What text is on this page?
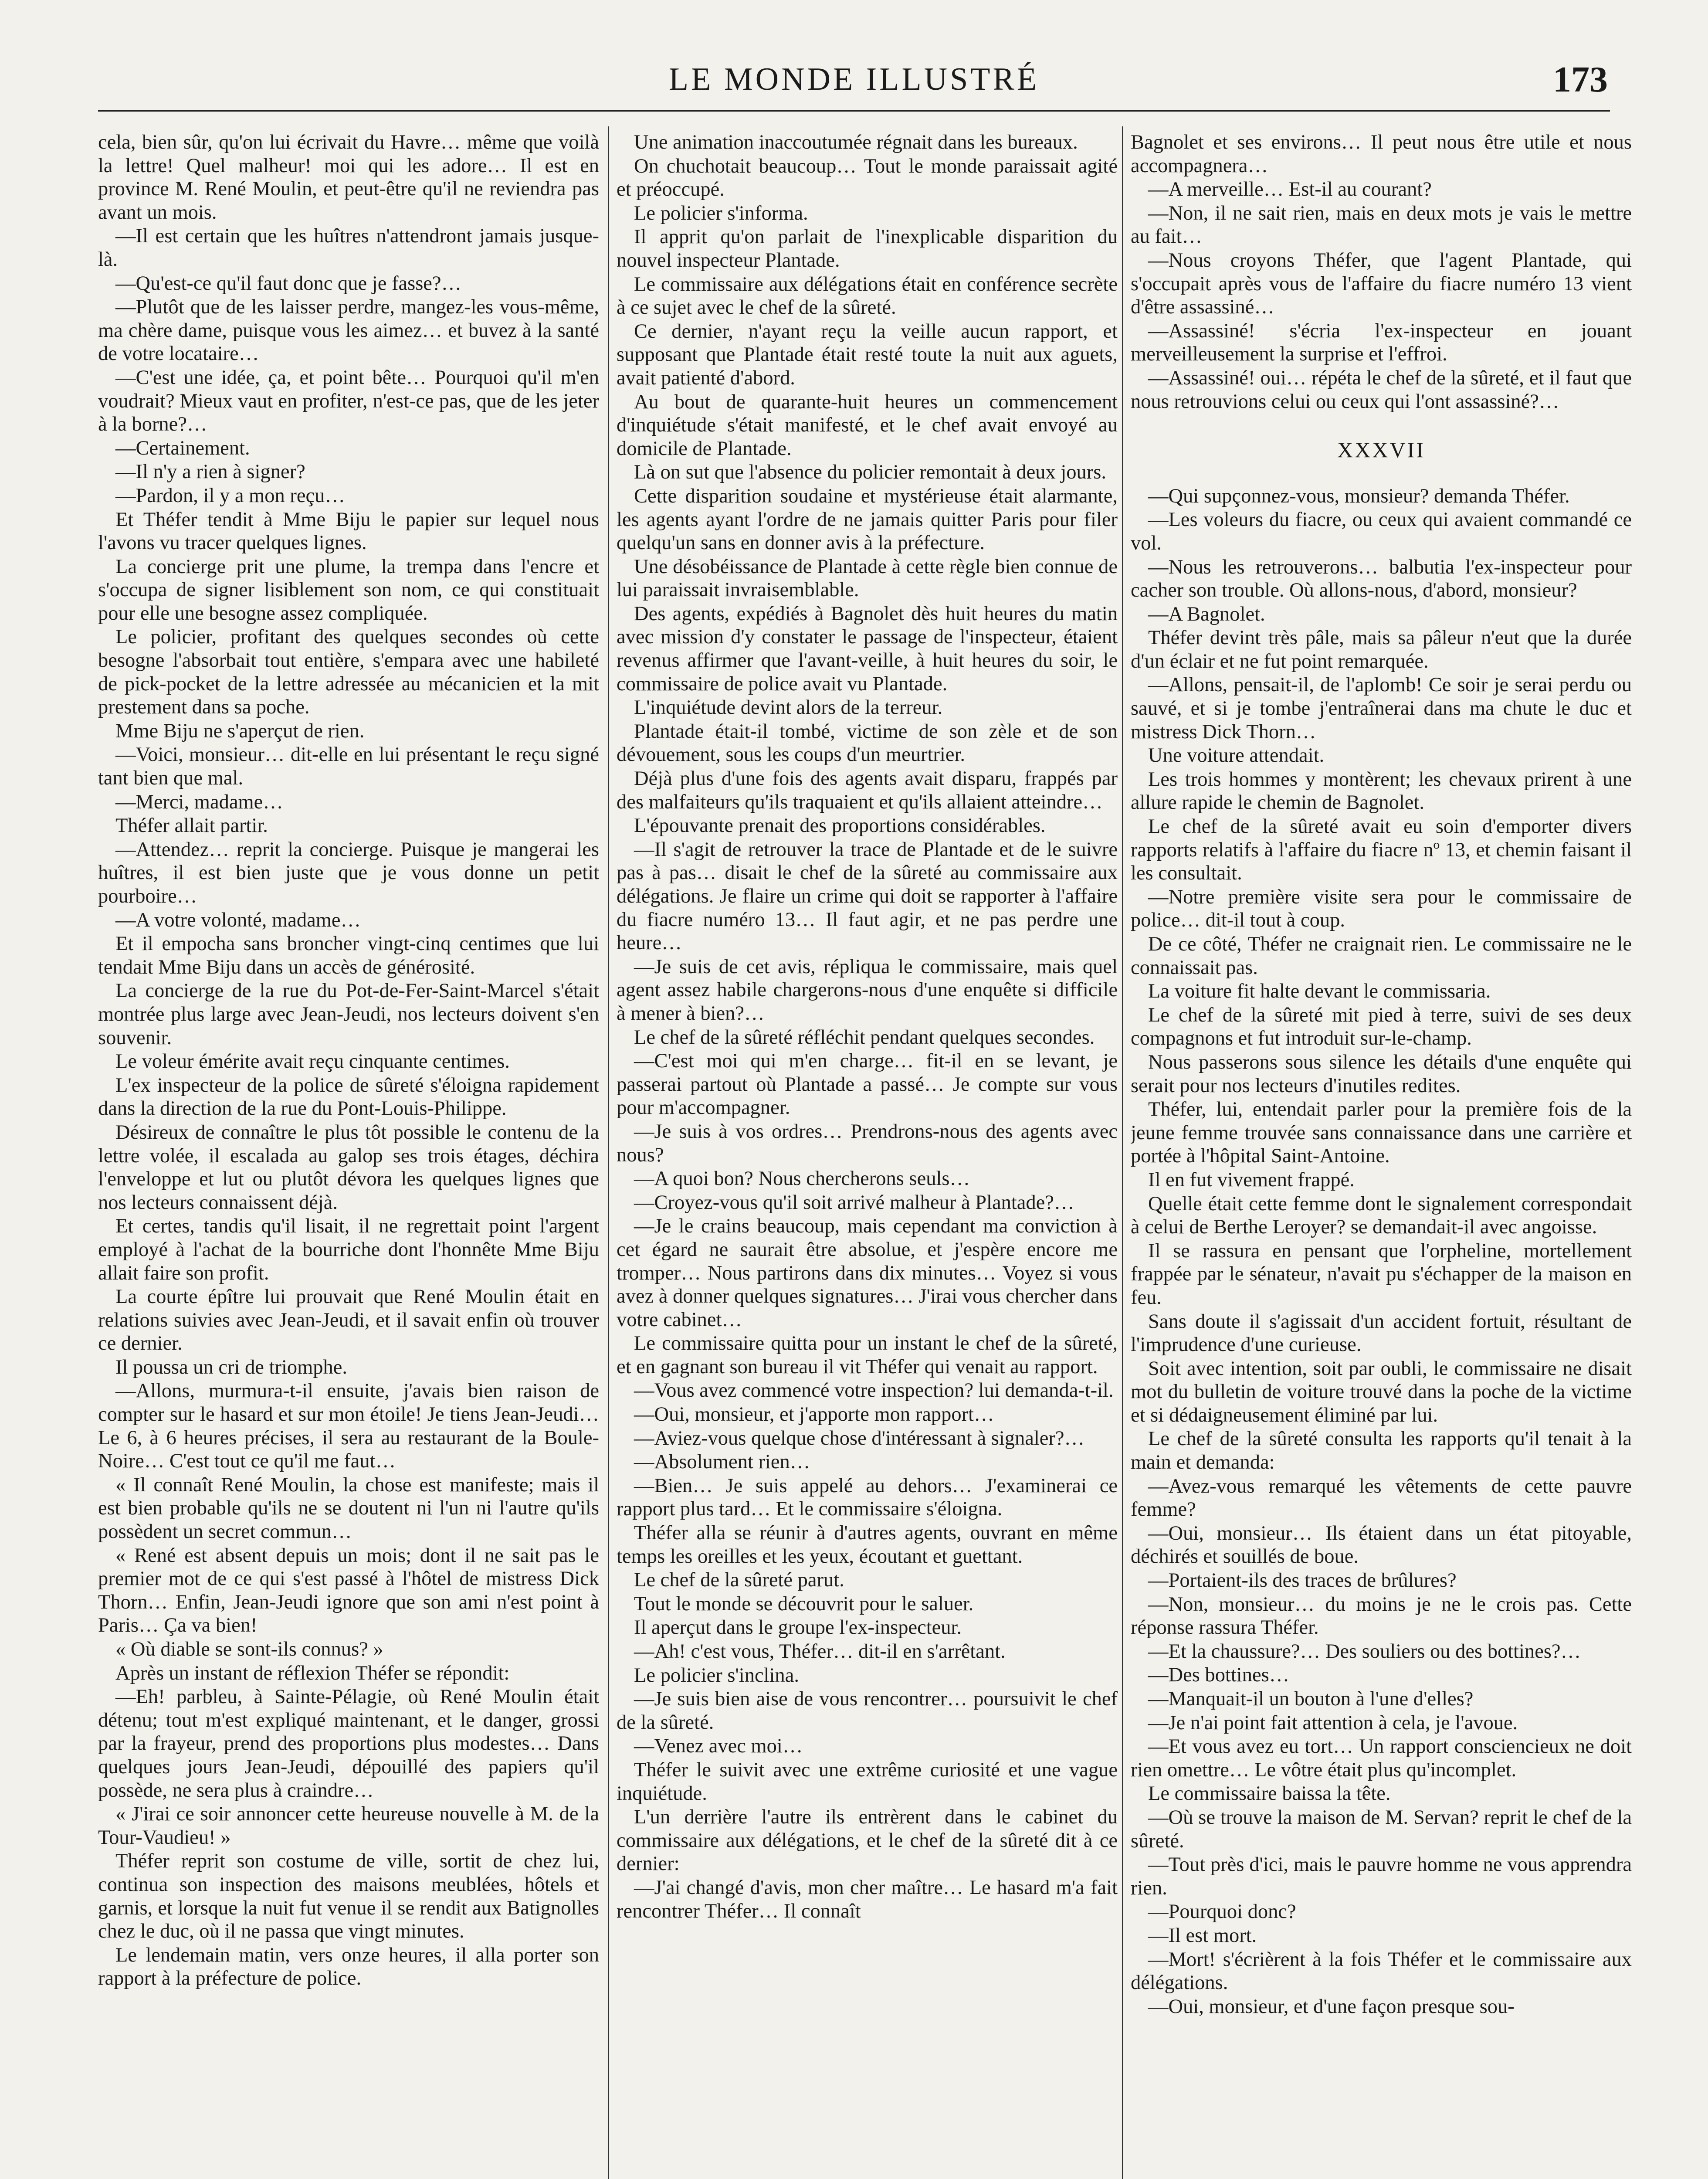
LE MONDE ILLUSTRÉ	173

cela, bien sûr, qu'on lui écrivait du Havre… même que voilà la lettre! Quel malheur! moi qui les adore… Il est en province M. René Moulin, et peut-être qu'il ne reviendra pas avant un mois.

—Il est certain que les huîtres n'attendront jamais jusque-là.

—Qu'est-ce qu'il faut donc que je fasse?…

—Plutôt que de les laisser perdre, mangez-les vous-même, ma chère dame, puisque vous les aimez… et buvez à la santé de votre locataire…

—C'est une idée, ça, et point bête… Pourquoi qu'il m'en voudrait? Mieux vaut en profiter, n'est-ce pas, que de les jeter à la borne?…

—Certainement.

—Il n'y a rien à signer?

—Pardon, il y a mon reçu…

Et Théfer tendit à Mme Biju le papier sur lequel nous l'avons vu tracer quelques lignes.

La concierge prit une plume, la trempa dans l'encre et s'occupa de signer lisiblement son nom, ce qui constituait pour elle une besogne assez compliquée.

Le policier, profitant des quelques secondes où cette besogne l'absorbait tout entière, s'empara avec une habileté de pick-pocket de la lettre adressée au mécanicien et la mit prestement dans sa poche.

Mme Biju ne s'aperçut de rien.

—Voici, monsieur… dit-elle en lui présentant le reçu signé tant bien que mal.

—Merci, madame…

Théfer allait partir.

—Attendez… reprit la concierge. Puisque je mangerai les huîtres, il est bien juste que je vous donne un petit pourboire…

—A votre volonté, madame…

Et il empocha sans broncher vingt-cinq centimes que lui tendait Mme Biju dans un accès de générosité.

La concierge de la rue du Pot-de-Fer-Saint-Marcel s'était montrée plus large avec Jean-Jeudi, nos lecteurs doivent s'en souvenir.

Le voleur émérite avait reçu cinquante centimes.

L'ex inspecteur de la police de sûreté s'éloigna rapidement dans la direction de la rue du Pont-Louis-Philippe.

Désireux de connaître le plus tôt possible le contenu de la lettre volée, il escalada au galop ses trois étages, déchira l'enveloppe et lut ou plutôt dévora les quelques lignes que nos lecteurs connaissent déjà.

Et certes, tandis qu'il lisait, il ne regrettait point l'argent employé à l'achat de la bourriche dont l'honnête Mme Biju allait faire son profit.

La courte épître lui prouvait que René Moulin était en relations suivies avec Jean-Jeudi, et il savait enfin où trouver ce dernier.

Il poussa un cri de triomphe.

—Allons, murmura-t-il ensuite, j'avais bien raison de compter sur le hasard et sur mon étoile! Je tiens Jean-Jeudi… Le 6, à 6 heures précises, il sera au restaurant de la Boule-Noire… C'est tout ce qu'il me faut…

« Il connaît René Moulin, la chose est manifeste; mais il est bien probable qu'ils ne se doutent ni l'un ni l'autre qu'ils possèdent un secret commun…

« René est absent depuis un mois; dont il ne sait pas le premier mot de ce qui s'est passé à l'hôtel de mistress Dick Thorn… Enfin, Jean-Jeudi ignore que son ami n'est point à Paris… Ça va bien!

« Où diable se sont-ils connus? »

Après un instant de réflexion Théfer se répondit:

—Eh! parbleu, à Sainte-Pélagie, où René Moulin était détenu; tout m'est expliqué maintenant, et le danger, grossi par la frayeur, prend des proportions plus modestes… Dans quelques jours Jean-Jeudi, dépouillé des papiers qu'il possède, ne sera plus à craindre…

« J'irai ce soir annoncer cette heureuse nouvelle à M. de la Tour-Vaudieu! »

Théfer reprit son costume de ville, sortit de chez lui, continua son inspection des maisons meublées, hôtels et garnis, et lorsque la nuit fut venue il se rendit aux Batignolles chez le duc, où il ne passa que vingt minutes.

Le lendemain matin, vers onze heures, il alla porter son rapport à la préfecture de police.

Une animation inaccoutumée régnait dans les bureaux.

On chuchotait beaucoup… Tout le monde paraissait agité et préoccupé.

Le policier s'informa.

Il apprit qu'on parlait de l'inexplicable disparition du nouvel inspecteur Plantade.

Le commissaire aux délégations était en conférence secrète à ce sujet avec le chef de la sûreté.

Ce dernier, n'ayant reçu la veille aucun rapport, et supposant que Plantade était resté toute la nuit aux aguets, avait patienté d'abord.

Au bout de quarante-huit heures un commencement d'inquiétude s'était manifesté, et le chef avait envoyé au domicile de Plantade.

Là on sut que l'absence du policier remontait à deux jours.

Cette disparition soudaine et mystérieuse était alarmante, les agents ayant l'ordre de ne jamais quitter Paris pour filer quelqu'un sans en donner avis à la préfecture.

Une désobéissance de Plantade à cette règle bien connue de lui paraissait invraisemblable.

Des agents, expédiés à Bagnolet dès huit heures du matin avec mission d'y constater le passage de l'inspecteur, étaient revenus affirmer que l'avant-veille, à huit heures du soir, le commissaire de police avait vu Plantade.

L'inquiétude devint alors de la terreur.

Plantade était-il tombé, victime de son zèle et de son dévouement, sous les coups d'un meurtrier.

Déjà plus d'une fois des agents avait disparu, frappés par des malfaiteurs qu'ils traquaient et qu'ils allaient atteindre…

L'épouvante prenait des proportions considérables.

—Il s'agit de retrouver la trace de Plantade et de le suivre pas à pas… disait le chef de la sûreté au commissaire aux délégations. Je flaire un crime qui doit se rapporter à l'affaire du fiacre numéro 13… Il faut agir, et ne pas perdre une heure…

—Je suis de cet avis, répliqua le commissaire, mais quel agent assez habile chargerons-nous d'une enquête si difficile à mener à bien?…

Le chef de la sûreté réfléchit pendant quelques secondes.

—C'est moi qui m'en charge… fit-il en se levant, je passerai partout où Plantade a passé… Je compte sur vous pour m'accompagner.

—Je suis à vos ordres… Prendrons-nous des agents avec nous?

—A quoi bon? Nous chercherons seuls…

—Croyez-vous qu'il soit arrivé malheur à Plantade?…

—Je le crains beaucoup, mais cependant ma conviction à cet égard ne saurait être absolue, et j'espère encore me tromper… Nous partirons dans dix minutes… Voyez si vous avez à donner quelques signatures… J'irai vous chercher dans votre cabinet…

Le commissaire quitta pour un instant le chef de la sûreté, et en gagnant son bureau il vit Théfer qui venait au rapport.

—Vous avez commencé votre inspection? lui demanda-t-il.

—Oui, monsieur, et j'apporte mon rapport…

—Aviez-vous quelque chose d'intéressant à signaler?…

—Absolument rien…

—Bien… Je suis appelé au dehors… J'examinerai ce rapport plus tard… Et le commissaire s'éloigna.

Théfer alla se réunir à d'autres agents, ouvrant en même temps les oreilles et les yeux, écoutant et guettant.

Le chef de la sûreté parut.

Tout le monde se découvrit pour le saluer.

Il aperçut dans le groupe l'ex-inspecteur.

—Ah! c'est vous, Théfer… dit-il en s'arrêtant.

Le policier s'inclina.

—Je suis bien aise de vous rencontrer… poursuivit le chef de la sûreté.

—Venez avec moi…

Théfer le suivit avec une extrême curiosité et une vague inquiétude.

L'un derrière l'autre ils entrèrent dans le cabinet du commissaire aux délégations, et le chef de la sûreté dit à ce dernier:

—J'ai changé d'avis, mon cher maître… Le hasard m'a fait rencontrer Théfer… Il connaît

Bagnolet et ses environs… Il peut nous être utile et nous accompagnera…

—A merveille… Est-il au courant?

—Non, il ne sait rien, mais en deux mots je vais le mettre au fait…

—Nous croyons Théfer, que l'agent Plantade, qui s'occupait après vous de l'affaire du fiacre numéro 13 vient d'être assassiné…

—Assassiné! s'écria l'ex-inspecteur en jouant merveilleusement la surprise et l'effroi.

—Assassiné! oui… répéta le chef de la sûreté, et il faut que nous retrouvions celui ou ceux qui l'ont assassiné?…

XXXVII

—Qui supçonnez-vous, monsieur? demanda Théfer.

—Les voleurs du fiacre, ou ceux qui avaient commandé ce vol.

—Nous les retrouverons… balbutia l'ex-inspecteur pour cacher son trouble. Où allons-nous, d'abord, monsieur?

—A Bagnolet.

Théfer devint très pâle, mais sa pâleur n'eut que la durée d'un éclair et ne fut point remarquée.

—Allons, pensait-il, de l'aplomb! Ce soir je serai perdu ou sauvé, et si je tombe j'entraînerai dans ma chute le duc et mistress Dick Thorn…

Une voiture attendait.

Les trois hommes y montèrent; les chevaux prirent à une allure rapide le chemin de Bagnolet.

Le chef de la sûreté avait eu soin d'emporter divers rapports relatifs à l'affaire du fiacre nº 13, et chemin faisant il les consultait.

—Notre première visite sera pour le commissaire de police… dit-il tout à coup.

De ce côté, Théfer ne craignait rien. Le commissaire ne le connaissait pas.

La voiture fit halte devant le commissaria.

Le chef de la sûreté mit pied à terre, suivi de ses deux compagnons et fut introduit sur-le-champ.

Nous passerons sous silence les détails d'une enquête qui serait pour nos lecteurs d'inutiles redites.

Théfer, lui, entendait parler pour la première fois de la jeune femme trouvée sans connaissance dans une carrière et portée à l'hôpital Saint-Antoine.

Il en fut vivement frappé.

Quelle était cette femme dont le signalement correspondait à celui de Berthe Leroyer? se demandait-il avec angoisse.

Il se rassura en pensant que l'orpheline, mortellement frappée par le sénateur, n'avait pu s'échapper de la maison en feu.

Sans doute il s'agissait d'un accident fortuit, résultant de l'imprudence d'une curieuse.

Soit avec intention, soit par oubli, le commissaire ne disait mot du bulletin de voiture trouvé dans la poche de la victime et si dédaigneusement éliminé par lui.

Le chef de la sûreté consulta les rapports qu'il tenait à la main et demanda:

—Avez-vous remarqué les vêtements de cette pauvre femme?

—Oui, monsieur… Ils étaient dans un état pitoyable, déchirés et souillés de boue.

—Portaient-ils des traces de brûlures?

—Non, monsieur… du moins je ne le crois pas. Cette réponse rassura Théfer.

—Et la chaussure?… Des souliers ou des bottines?…

—Des bottines…

—Manquait-il un bouton à l'une d'elles?

—Je n'ai point fait attention à cela, je l'avoue.

—Et vous avez eu tort… Un rapport consciencieux ne doit rien omettre… Le vôtre était plus qu'incomplet.

Le commissaire baissa la tête.

—Où se trouve la maison de M. Servan? reprit le chef de la sûreté.

—Tout près d'ici, mais le pauvre homme ne vous apprendra rien.

—Pourquoi donc?

—Il est mort.

—Mort! s'écrièrent à la fois Théfer et le commissaire aux délégations.

—Oui, monsieur, et d'une façon presque sou-
